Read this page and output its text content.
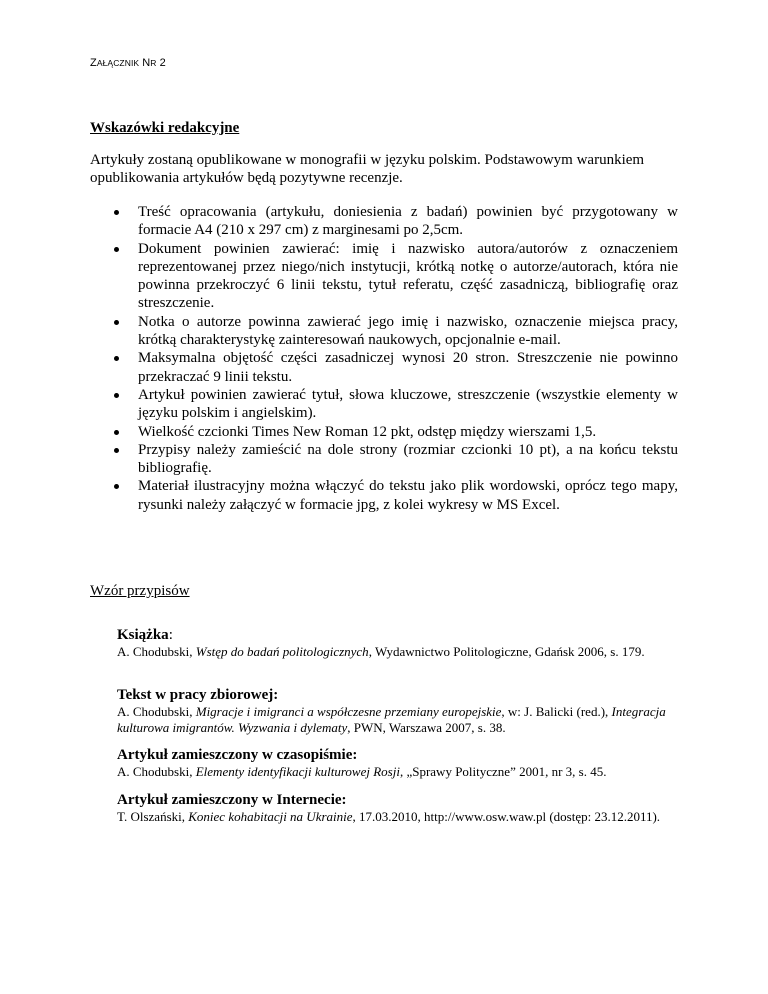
ZAŁĄCZNIK NR 2
Wskazówki redakcyjne
Artykuły zostaną opublikowane w monografii w języku polskim. Podstawowym warunkiem opublikowania artykułów będą pozytywne recenzje.
Treść opracowania (artykułu, doniesienia z badań) powinien być przygotowany w formacie A4 (210 x 297 cm) z marginesami po 2,5cm.
Dokument powinien zawierać: imię i nazwisko autora/autorów z oznaczeniem reprezentowanej przez niego/nich instytucji, krótką notkę o autorze/autorach, która nie powinna przekroczyć 6 linii tekstu, tytuł referatu, część zasadniczą, bibliografię oraz streszczenie.
Notka o autorze powinna zawierać jego imię i nazwisko, oznaczenie miejsca pracy, krótką charakterystykę zainteresowań naukowych, opcjonalnie e-mail.
Maksymalna objętość części zasadniczej wynosi 20 stron. Streszczenie nie powinno przekraczać 9 linii tekstu.
Artykuł powinien zawierać tytuł, słowa kluczowe, streszczenie (wszystkie elementy w języku polskim i angielskim).
Wielkość czcionki Times New Roman 12 pkt, odstęp między wierszami 1,5.
Przypisy należy zamieścić na dole strony (rozmiar czcionki 10 pt), a na końcu tekstu bibliografię.
Materiał ilustracyjny można włączyć do tekstu jako plik wordowski, oprócz tego mapy, rysunki należy załączyć w formacie jpg, z kolei wykresy w MS Excel.
Wzór przypisów
Książka:
A. Chodubski, Wstęp do badań politologicznych, Wydawnictwo Politologiczne, Gdańsk 2006, s. 179.
Tekst w pracy zbiorowej:
A. Chodubski, Migracje i imigranci a współczesne przemiany europejskie, w: J. Balicki (red.), Integracja kulturowa imigrantów. Wyzwania i dylematy, PWN, Warszawa 2007, s. 38.
Artykuł zamieszczony w czasopiśmie:
A. Chodubski, Elementy identyfikacji kulturowej Rosji, „Sprawy Polityczne” 2001, nr 3, s. 45.
Artykuł zamieszczony w Internecie:
T. Olszański, Koniec kohabitacji na Ukrainie, 17.03.2010, http://www.osw.waw.pl (dostęp: 23.12.2011).
